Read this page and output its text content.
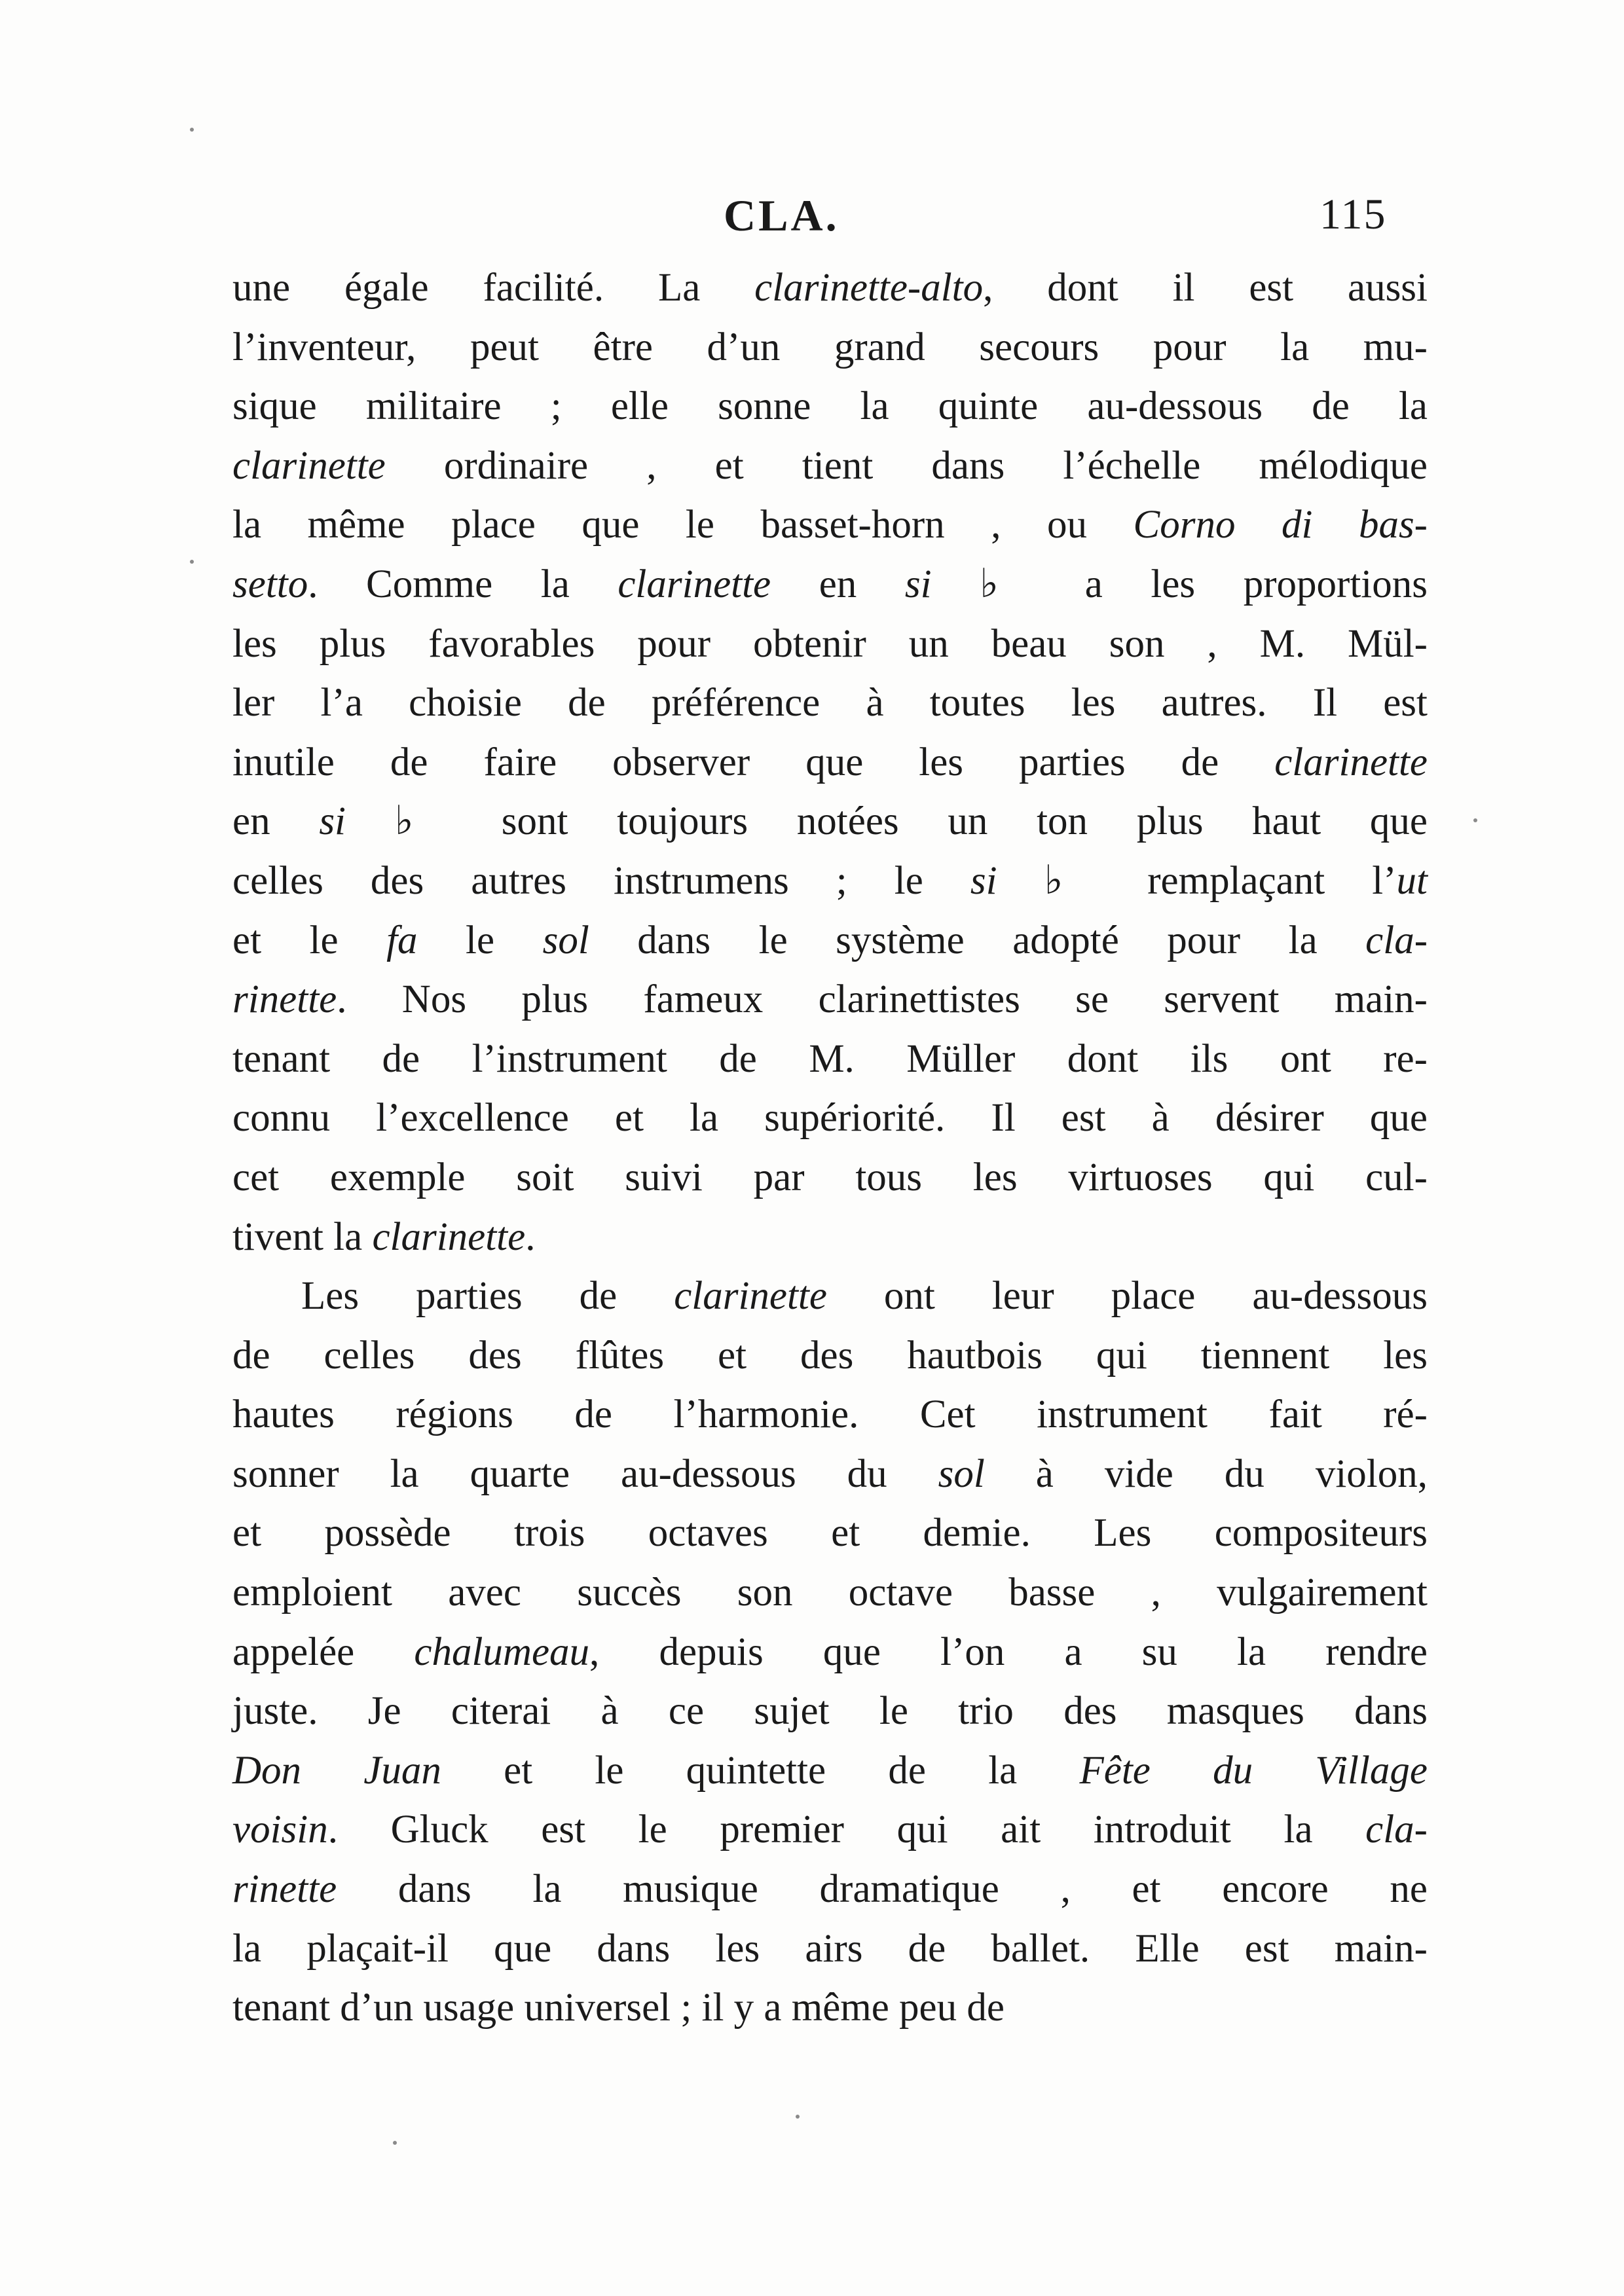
CLA.	115
une égale facilité. La clarinette-alto, dont il est aussi
l’inventeur, peut être d’un grand secours pour la mu-
sique militaire ; elle sonne la quinte au-dessous de la
clarinette ordinaire , et tient dans l’échelle mélodique
la même place que le basset-horn , ou Corno di bas-
setto. Comme la clarinette en si ♭ a les proportions
les plus favorables pour obtenir un beau son , M. Mül-
ler l’a choisie de préférence à toutes les autres. Il est
inutile de faire observer que les parties de clarinette
en si ♭ sont toujours notées un ton plus haut que
celles des autres instrumens ; le si ♭ remplaçant l’ut
et le fa le sol dans le système adopté pour la cla-
rinette. Nos plus fameux clarinettistes se servent main-
tenant de l’instrument de M. Müller dont ils ont re-
connu l’excellence et la supériorité. Il est à désirer que
cet exemple soit suivi par tous les virtuoses qui cul-
tivent la clarinette.
Les parties de clarinette ont leur place au-dessous
de celles des flûtes et des hautbois qui tiennent les
hautes régions de l’harmonie. Cet instrument fait ré-
sonner la quarte au-dessous du sol à vide du violon,
et possède trois octaves et demie. Les compositeurs
emploient avec succès son octave basse , vulgairement
appelée chalumeau, depuis que l’on a su la rendre
juste. Je citerai à ce sujet le trio des masques dans
Don Juan et le quintette de la Fête du Village
voisin. Gluck est le premier qui ait introduit la cla-
rinette dans la musique dramatique , et encore ne
la plaçait-il que dans les airs de ballet. Elle est main-
tenant d’un usage universel ; il y a même peu de
